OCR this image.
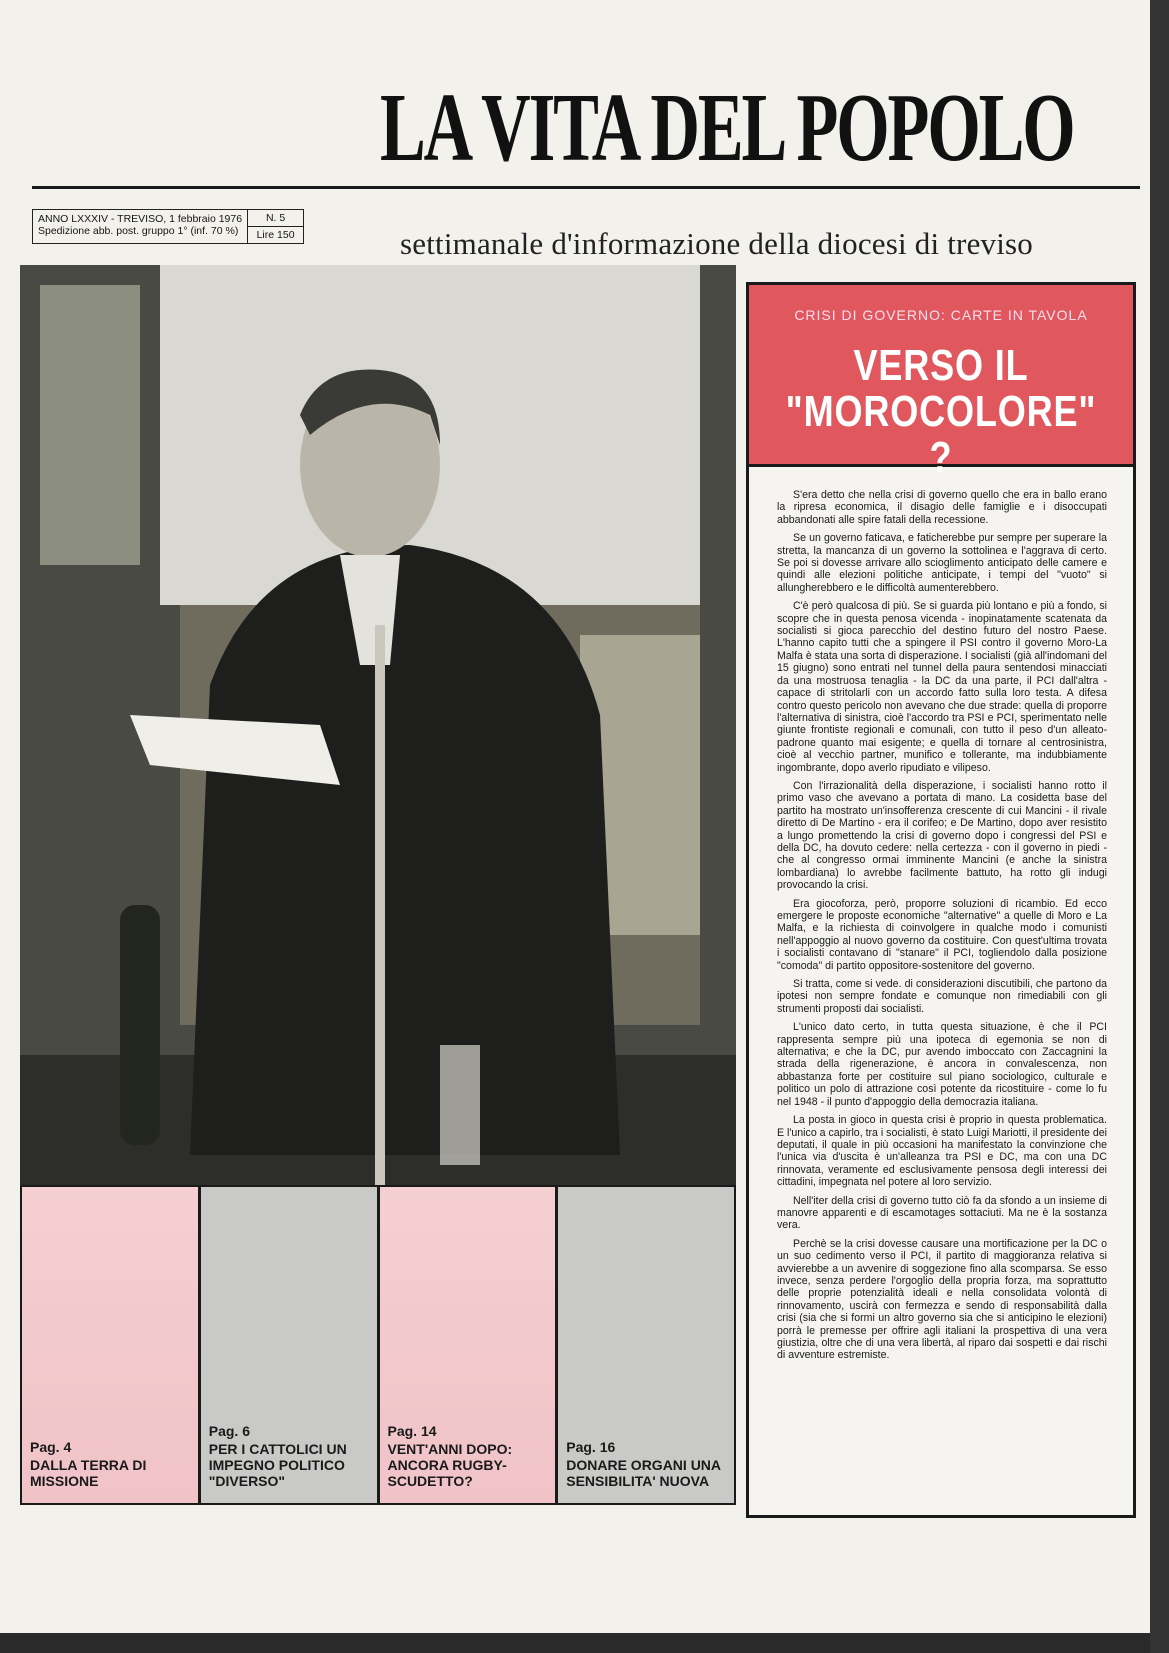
LA VITA DEL POPOLO
ANNO LXXXIV - TREVISO, 1 febbraio 1976
Spedizione abb. post. gruppo 1° (inf. 70 %)
N. 5
Lire 150	settimanale d'informazione della diocesi di treviso
CRISI DI GOVERNO: CARTE IN TAVOLA
VERSO IL
"MOROCOLORE" ?

S'era detto che nella crisi di governo quello che era in ballo erano la ripresa economica, il disagio delle famiglie e i disoccupati abbandonati alle spire fatali della recessione.

Se un governo faticava, e faticherebbe pur sempre per superare la stretta, la mancanza di un governo la sottolinea e l'aggrava di certo. Se poi si dovesse arrivare allo scioglimento anticipato delle camere e quindi alle elezioni politiche anticipate, i tempi del "vuoto" si allungherebbero e le difficoltà aumenterebbero.

C'è però qualcosa di più. Se si guarda più lontano e più a fondo, si scopre che in questa penosa vicenda - inopinatamente scatenata da socialisti si gioca parecchio del destino futuro del nostro Paese. L'hanno capito tutti che a spingere il PSI contro il governo Moro-La Malfa è stata una sorta di disperazione. I socialisti (già all'indomani del 15 giugno) sono entrati nel tunnel della paura sentendosi minacciati da una mostruosa tenaglia - la DC da una parte, il PCI dall'altra - capace di stritolarli con un accordo fatto sulla loro testa. A difesa contro questo pericolo non avevano che due strade: quella di proporre l'alternativa di sinistra, cioè l'accordo tra PSI e PCI, sperimentato nelle giunte frontiste regionali e comunali, con tutto il peso d'un alleato-padrone quanto mai esigente; e quella di tornare al centrosinistra, cioè al vecchio partner, munifico e tollerante, ma indubbiamente ingombrante, dopo averlo ripudiato e vilipeso.

Con l'irrazionalità della disperazione, i socialisti hanno rotto il primo vaso che avevano a portata di mano. La cosidetta base del partito ha mostrato un'insofferenza crescente di cui Mancini - il rivale diretto di De Martino - era il corifeo; e De Martino, dopo aver resistito a lungo promettendo la crisi di governo dopo i congressi del PSI e della DC, ha dovuto cedere: nella certezza - con il governo in piedi - che al congresso ormai imminente Mancini (e anche la sinistra lombardiana) lo avrebbe facilmente battuto, ha rotto gli indugi provocando la crisi.

Era giocoforza, però, proporre soluzioni di ricambio. Ed ecco emergere le proposte economiche "alternative" a quelle di Moro e La Malfa, e la richiesta di coinvolgere in qualche modo i comunisti nell'appoggio al nuovo governo da costituire. Con quest'ultima trovata i socialisti contavano di "stanare" il PCI, togliendolo dalla posizione "comoda" di partito oppositore-sostenitore del governo.

Si tratta, come si vede. di considerazioni discutibili, che partono da ipotesi non sempre fondate e comunque non rimediabili con gli strumenti proposti dai socialisti.

L'unico dato certo, in tutta questa situazione, è che il PCI rappresenta sempre più una ipoteca di egemonia se non di alternativa; e che la DC, pur avendo imboccato con Zaccagnini la strada della rigenerazione, è ancora in convalescenza, non abbastanza forte per costituire sul piano sociologico, culturale e politico un polo di attrazione così potente da ricostituire - come lo fu nel 1948 - il punto d'appoggio della democrazia italiana.

La posta in gioco in questa crisi è proprio in questa problematica. E l'unico a capirlo, tra i socialisti, è stato Luigi Mariotti, il presidente dei deputati, il quale in più occasioni ha manifestato la convinzione che l'unica via d'uscita è un'alleanza tra PSI e DC, ma con una DC rinnovata, veramente ed esclusivamente pensosa degli interessi dei cittadini, impegnata nel potere al loro servizio.

Nell'iter della crisi di governo tutto ciò fa da sfondo a un insieme di manovre apparenti e di escamotages sottaciuti. Ma ne è la sostanza vera.

Perchè se la crisi dovesse causare una mortificazione per la DC o un suo cedimento verso il PCI, il partito di maggioranza relativa si avvierebbe a un avvenire di soggezione fino alla scomparsa. Se esso invece, senza perdere l'orgoglio della propria forza, ma soprattutto delle proprie potenzialità ideali e nella consolidata volontà di rinnovamento, uscirà con fermezza e sendo di responsabilità dalla crisi (sia che si formi un altro governo sia che si anticipino le elezioni) porrà le premesse per offrire agli italiani la prospettiva di una vera giustizia, oltre che di una vera libertà, al riparo dai sospetti e dai rischi di avventure estremiste.

Pag. 4
DALLA TERRA DI MISSIONE
Pag. 6
PER I CATTOLICI UN IMPEGNO POLITICO "DIVERSO"
Pag. 14
VENT'ANNI DOPO: ANCORA RUGBY-SCUDETTO?
Pag. 16
DONARE ORGANI UNA SENSIBILITA' NUOVA
